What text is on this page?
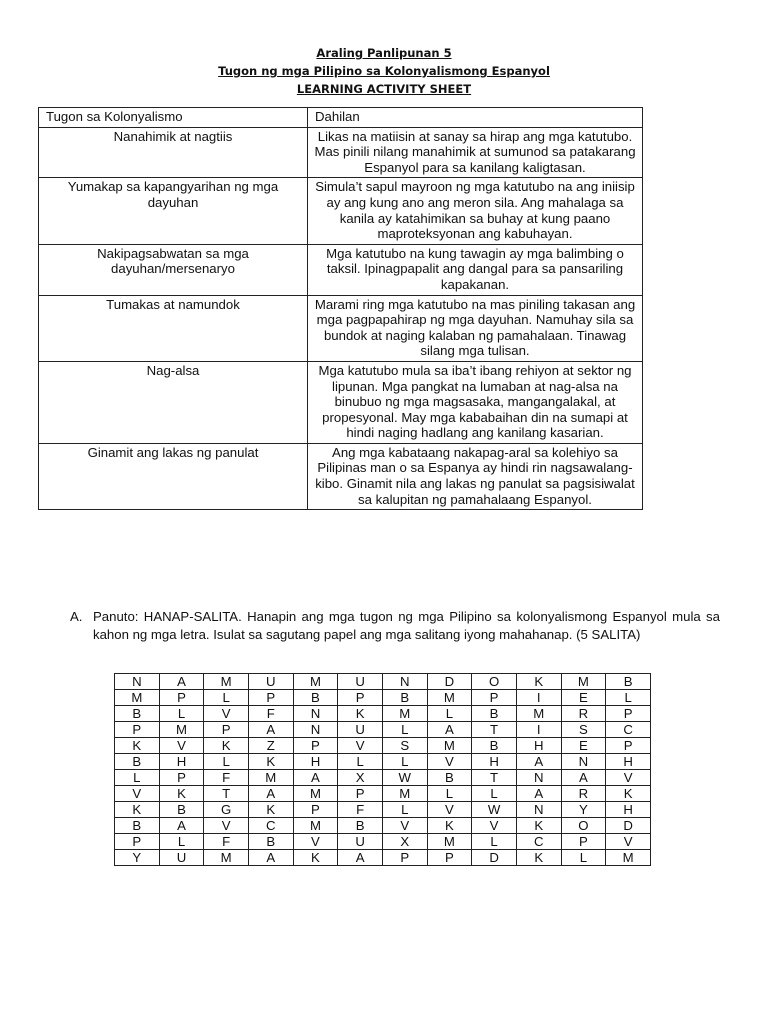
Araling Panlipunan 5
Tugon ng mga Pilipino sa Kolonyalismong Espanyol
LEARNING ACTIVITY SHEET
Tugon sa Kolonyalismo	Dahilan
Nanahimik at nagtiis	Likas na matiisin at sanay sa hirap ang mga katutubo. Mas pinili nilang manahimik at sumunod sa patakarang Espanyol para sa kanilang kaligtasan.
Yumakap sa kapangyarihan ng mga dayuhan	Simula’t sapul mayroon ng mga katutubo na ang iniisip ay ang kung ano ang meron sila. Ang mahalaga sa kanila ay katahimikan sa buhay at kung paano maproteksyonan ang kabuhayan.
Nakipagsabwatan sa mga dayuhan/mersenaryo	Mga katutubo na kung tawagin ay mga balimbing o taksil. Ipinagpapalit ang dangal para sa pansariling kapakanan.
Tumakas at namundok	Marami ring mga katutubo na mas piniling takasan ang mga pagpapahirap ng mga dayuhan. Namuhay sila sa bundok at naging kalaban ng pamahalaan. Tinawag silang mga tulisan.
Nag-alsa	Mga katutubo mula sa iba’t ibang rehiyon at sektor ng lipunan. Mga pangkat na lumaban at nag-alsa na binubuo ng mga magsasaka, mangangalakal, at propesyonal. May mga kababaihan din na sumapi at hindi naging hadlang ang kanilang kasarian.
Ginamit ang lakas ng panulat	Ang mga kabataang nakapag-aral sa kolehiyo sa Pilipinas man o sa Espanya ay hindi rin nagsawalang-kibo. Ginamit nila ang lakas ng panulat sa pagsisiwalat sa kalupitan ng pamahalaang Espanyol.
A. Panuto: HANAP-SALITA. Hanapin ang mga tugon ng mga Pilipino sa kolonyalismong Espanyol mula sa kahon ng mga letra. Isulat sa sagutang papel ang mga salitang iyong mahahanap. (5 SALITA)
N	A	M	U	M	U	N	D	O	K	M	B
M	P	L	P	B	P	B	M	P	I	E	L
B	L	V	F	N	K	M	L	B	M	R	P
P	M	P	A	N	U	L	A	T	I	S	C
K	V	K	Z	P	V	S	M	B	H	E	P
B	H	L	K	H	L	L	V	H	A	N	H
L	P	F	M	A	X	W	B	T	N	A	V
V	K	T	A	M	P	M	L	L	A	R	K
K	B	G	K	P	F	L	V	W	N	Y	H
B	A	V	C	M	B	V	K	V	K	O	D
P	L	F	B	V	U	X	M	L	C	P	V
Y	U	M	A	K	A	P	P	D	K	L	M
